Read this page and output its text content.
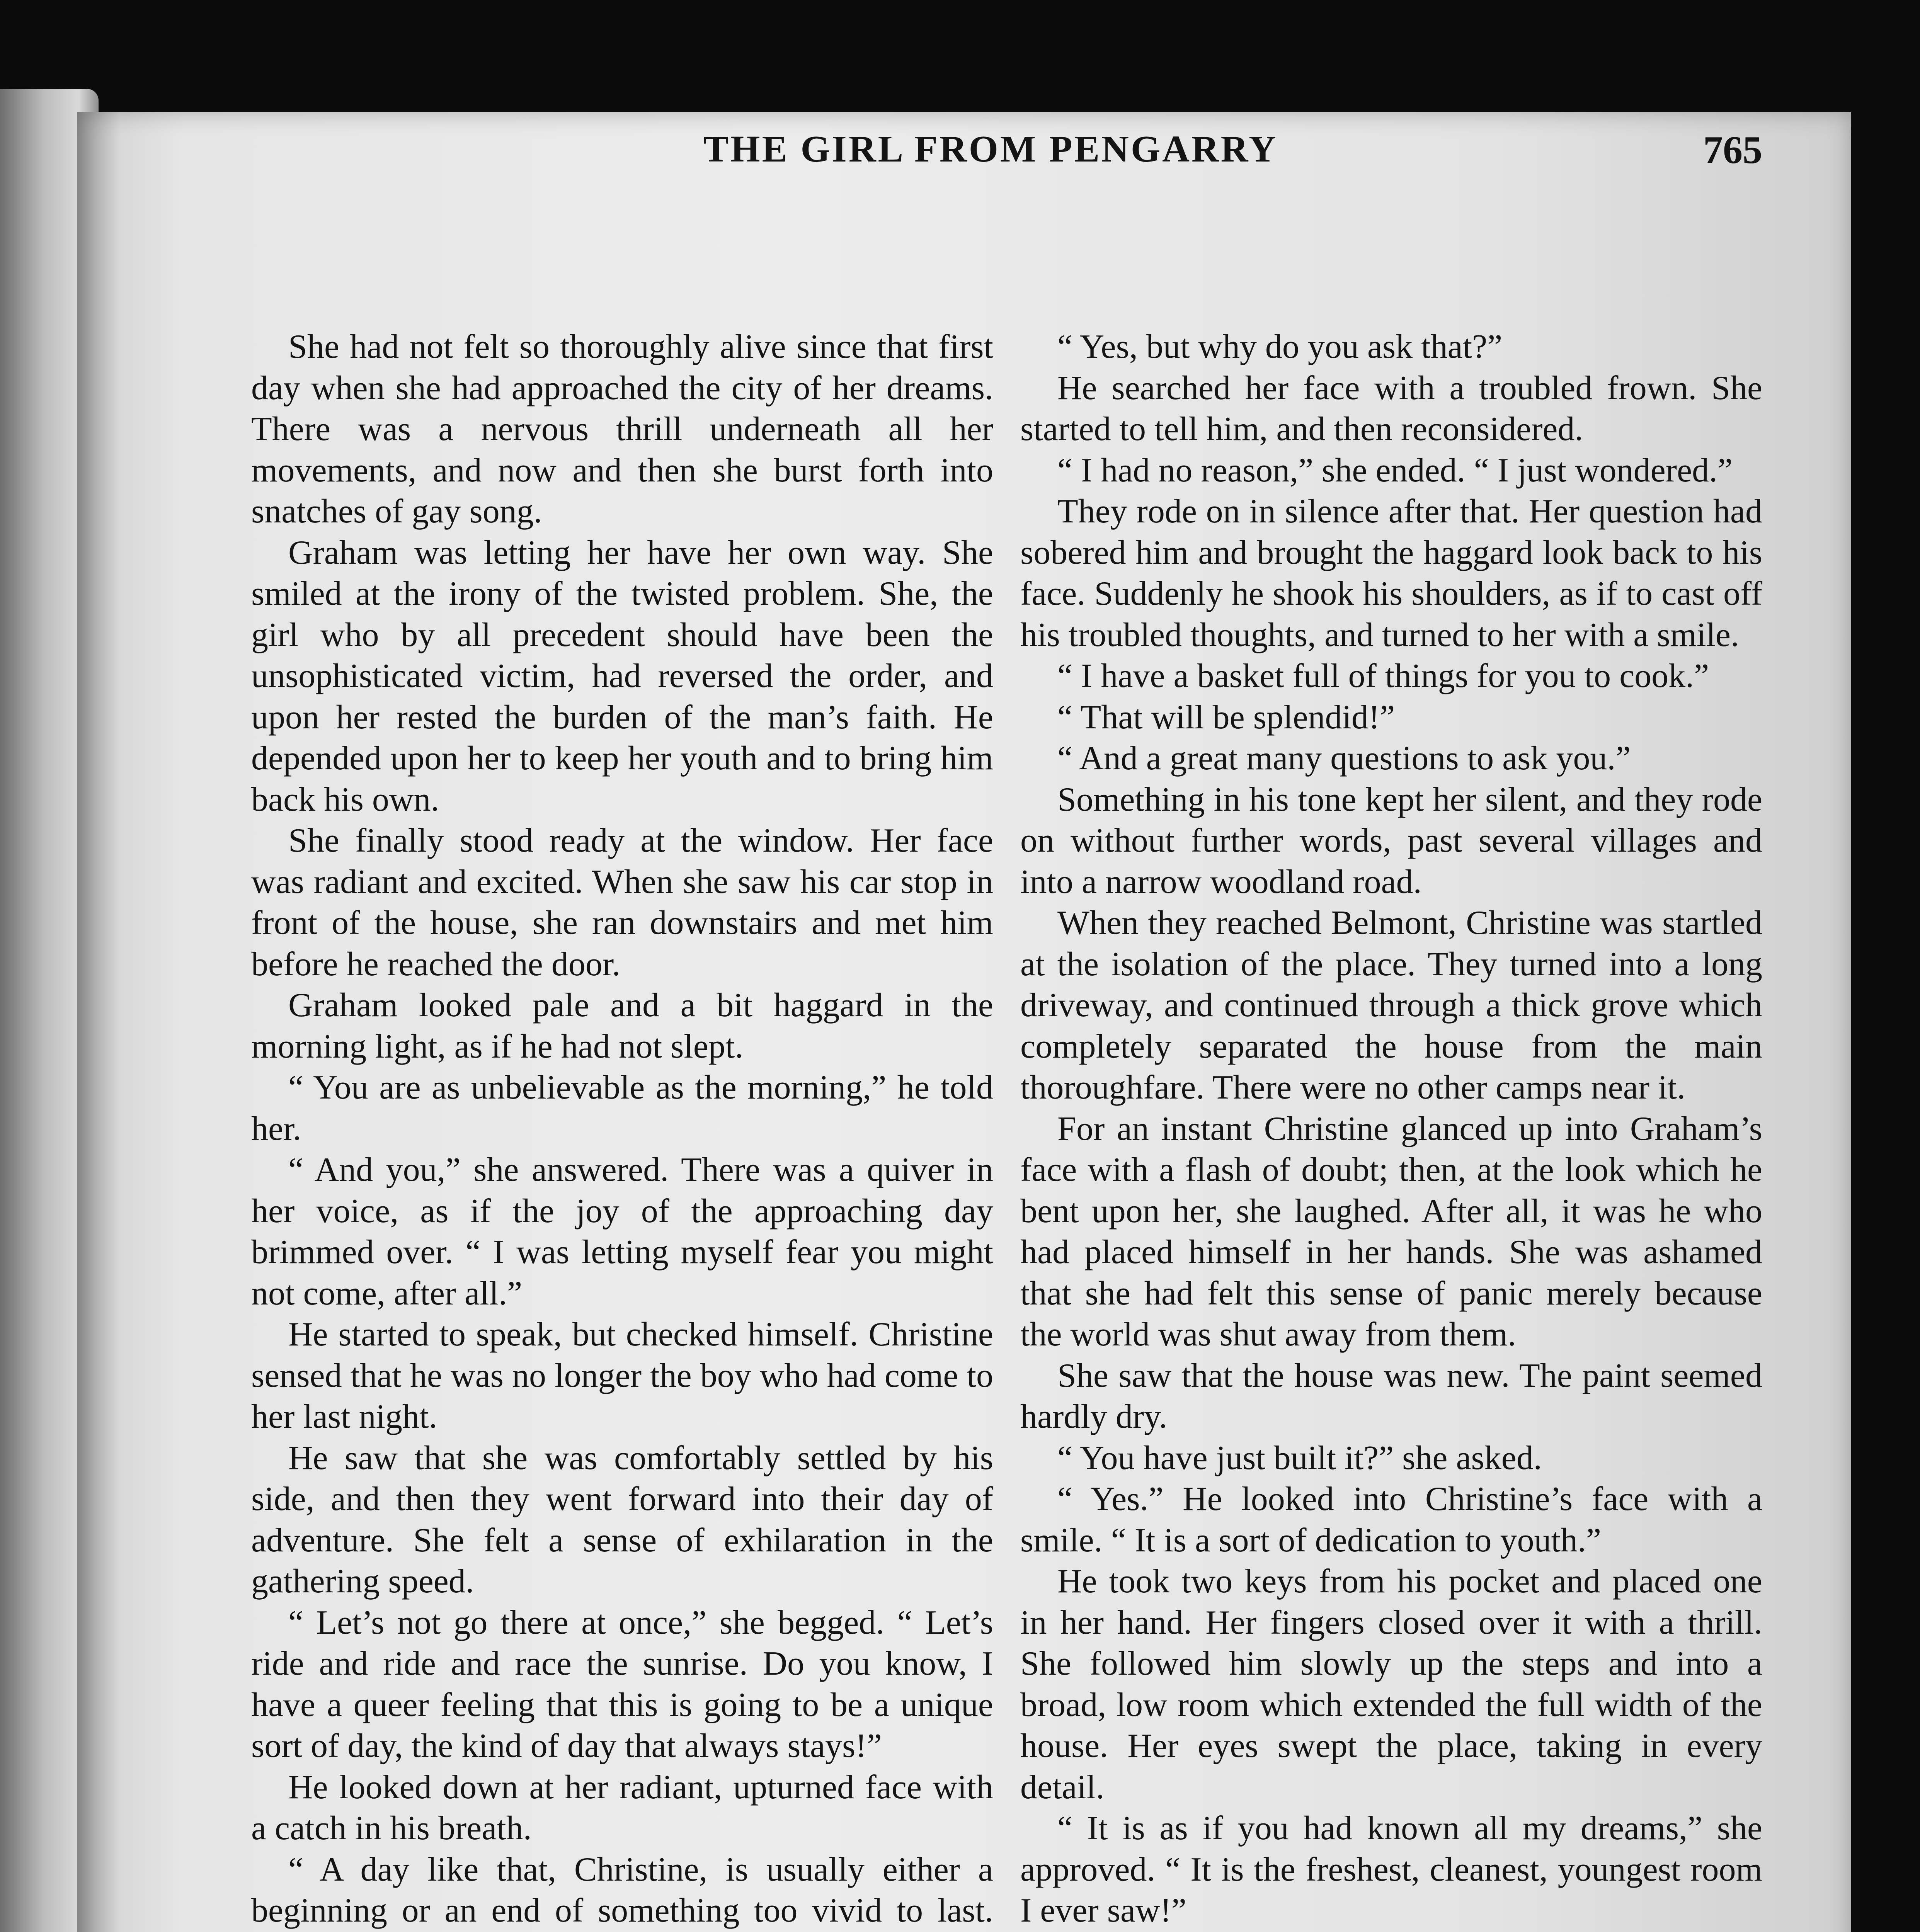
THE GIRL FROM PENGARRY	765

She had not felt so thoroughly alive since that first day when she had approached the city of her dreams. There was a nervous thrill underneath all her movements, and now and then she burst forth into snatches of gay song.

Graham was letting her have her own way. She smiled at the irony of the twisted problem. She, the girl who by all precedent should have been the unsophisticated victim, had reversed the order, and upon her rested the burden of the man’s faith. He depended upon her to keep her youth and to bring him back his own.

She finally stood ready at the window. Her face was radiant and excited. When she saw his car stop in front of the house, she ran downstairs and met him before he reached the door.

Graham looked pale and a bit haggard in the morning light, as if he had not slept.

“ You are as unbelievable as the morning,” he told her.

“ And you,” she answered. There was a quiver in her voice, as if the joy of the approaching day brimmed over. “ I was letting myself fear you might not come, after all.”

He started to speak, but checked himself. Christine sensed that he was no longer the boy who had come to her last night.

He saw that she was comfortably settled by his side, and then they went forward into their day of adventure. She felt a sense of exhilaration in the gathering speed.

“ Let’s not go there at once,” she begged. “ Let’s ride and ride and race the sunrise. Do you know, I have a queer feeling that this is going to be a unique sort of day, the kind of day that always stays!”

He looked down at her radiant, upturned face with a catch in his breath.

“ A day like that, Christine, is usually either a beginning or an end of something too vivid to last.

“ Yes, but why do you ask that?”

He searched her face with a troubled frown. She started to tell him, and then reconsidered.

“ I had no reason,” she ended. “ I just wondered.”

They rode on in silence after that. Her question had sobered him and brought the haggard look back to his face. Suddenly he shook his shoulders, as if to cast off his troubled thoughts, and turned to her with a smile.

“ I have a basket full of things for you to cook.”

“ That will be splendid!”

“ And a great many questions to ask you.”

Something in his tone kept her silent, and they rode on without further words, past several villages and into a narrow woodland road.

When they reached Belmont, Christine was startled at the isolation of the place. They turned into a long driveway, and continued through a thick grove which completely separated the house from the main thoroughfare. There were no other camps near it.

For an instant Christine glanced up into Graham’s face with a flash of doubt; then, at the look which he bent upon her, she laughed. After all, it was he who had placed himself in her hands. She was ashamed that she had felt this sense of panic merely because the world was shut away from them.

She saw that the house was new. The paint seemed hardly dry.

“ You have just built it?” she asked.

“ Yes.” He looked into Christine’s face with a smile. “ It is a sort of dedication to youth.”

He took two keys from his pocket and placed one in her hand. Her fingers closed over it with a thrill. She followed him slowly up the steps and into a broad, low room which extended the full width of the house. Her eyes swept the place, taking in every detail.

“ It is as if you had known all my dreams,” she approved. “ It is the freshest, cleanest, youngest room I ever saw!”
